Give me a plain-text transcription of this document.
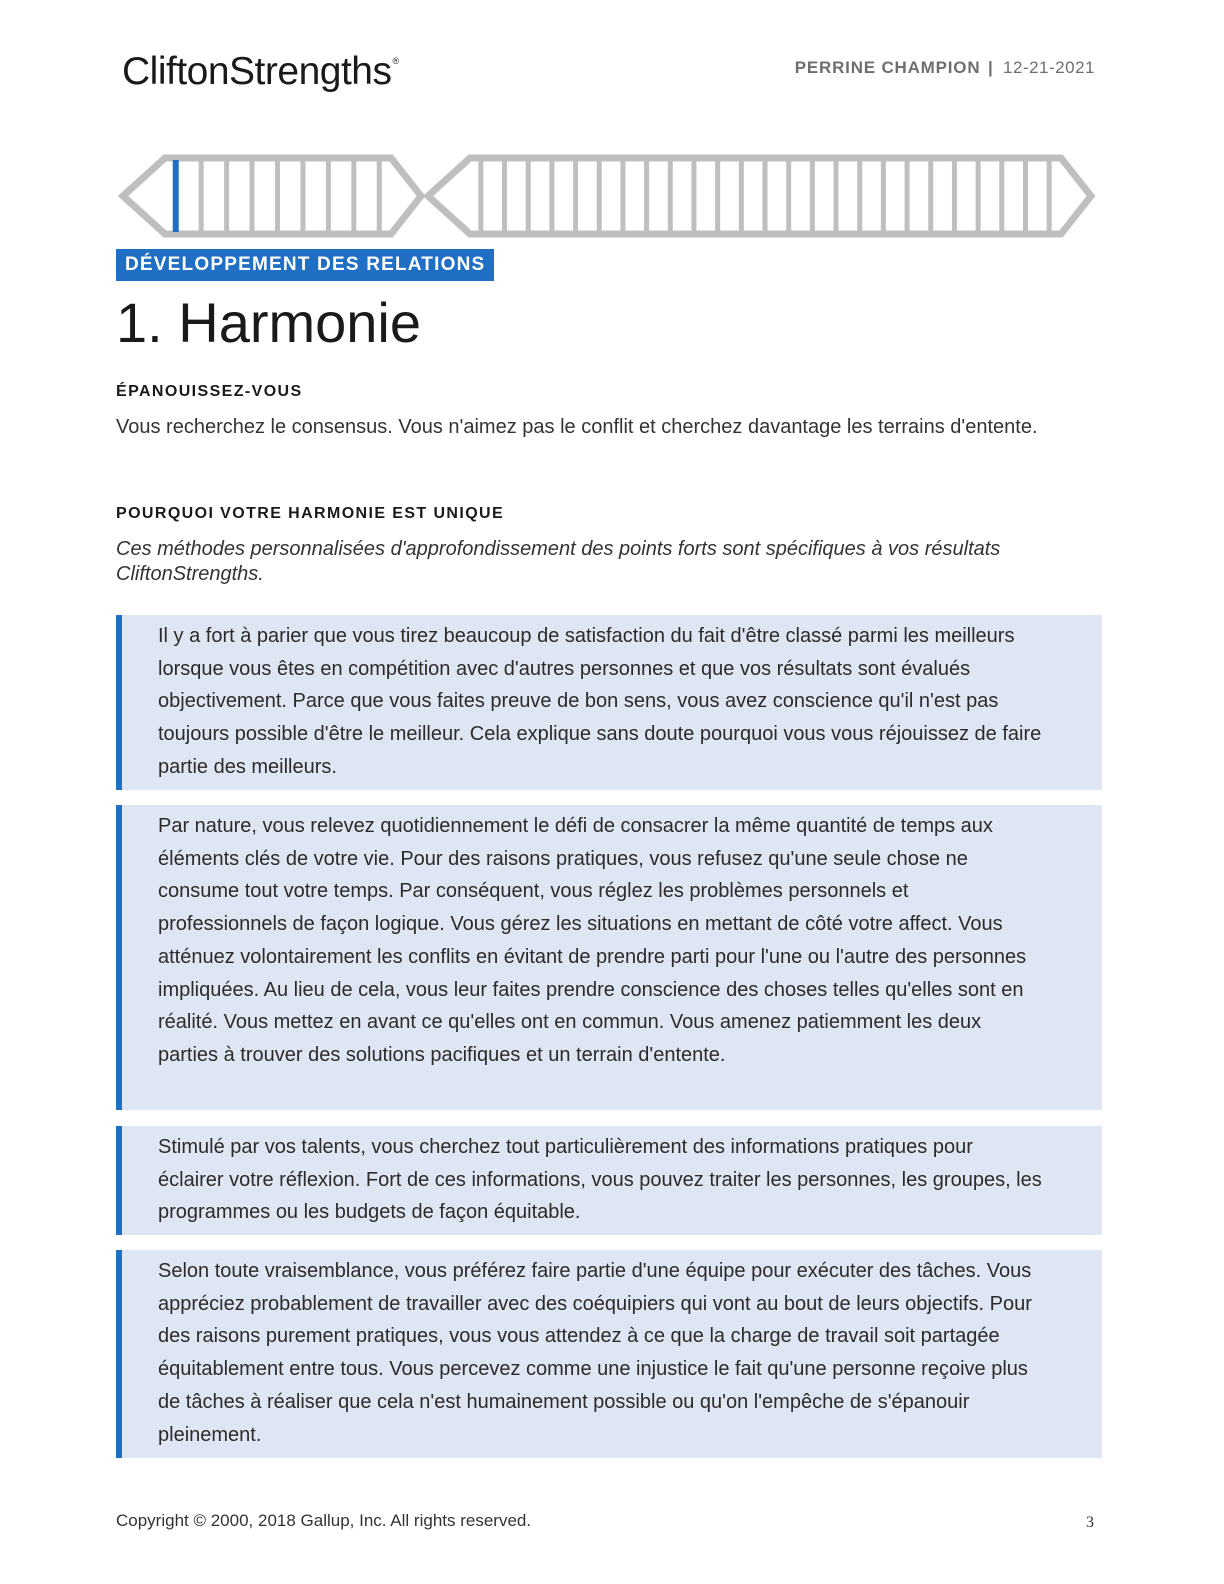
CliftonStrengths®	PERRINE CHAMPION | 12-21-2021
DÉVELOPPEMENT DES RELATIONS
1. Harmonie
ÉPANOUISSEZ-VOUS
Vous recherchez le consensus. Vous n'aimez pas le conflit et cherchez davantage les terrains d'entente.
POURQUOI VOTRE HARMONIE EST UNIQUE
Ces méthodes personnalisées d'approfondissement des points forts sont spécifiques à vos résultats CliftonStrengths.
Il y a fort à parier que vous tirez beaucoup de satisfaction du fait d'être classé parmi les meilleurs lorsque vous êtes en compétition avec d'autres personnes et que vos résultats sont évalués objectivement. Parce que vous faites preuve de bon sens, vous avez conscience qu'il n'est pas toujours possible d'être le meilleur. Cela explique sans doute pourquoi vous vous réjouissez de faire partie des meilleurs.
Par nature, vous relevez quotidiennement le défi de consacrer la même quantité de temps aux éléments clés de votre vie. Pour des raisons pratiques, vous refusez qu'une seule chose ne consume tout votre temps. Par conséquent, vous réglez les problèmes personnels et professionnels de façon logique. Vous gérez les situations en mettant de côté votre affect. Vous atténuez volontairement les conflits en évitant de prendre parti pour l'une ou l'autre des personnes impliquées. Au lieu de cela, vous leur faites prendre conscience des choses telles qu'elles sont en réalité. Vous mettez en avant ce qu'elles ont en commun. Vous amenez patiemment les deux parties à trouver des solutions pacifiques et un terrain d'entente.
Stimulé par vos talents, vous cherchez tout particulièrement des informations pratiques pour éclairer votre réflexion. Fort de ces informations, vous pouvez traiter les personnes, les groupes, les programmes ou les budgets de façon équitable.
Selon toute vraisemblance, vous préférez faire partie d'une équipe pour exécuter des tâches. Vous appréciez probablement de travailler avec des coéquipiers qui vont au bout de leurs objectifs. Pour des raisons purement pratiques, vous vous attendez à ce que la charge de travail soit partagée équitablement entre tous. Vous percevez comme une injustice le fait qu'une personne reçoive plus de tâches à réaliser que cela n'est humainement possible ou qu'on l'empêche de s'épanouir pleinement.
Copyright © 2000, 2018 Gallup, Inc. All rights reserved.	3
